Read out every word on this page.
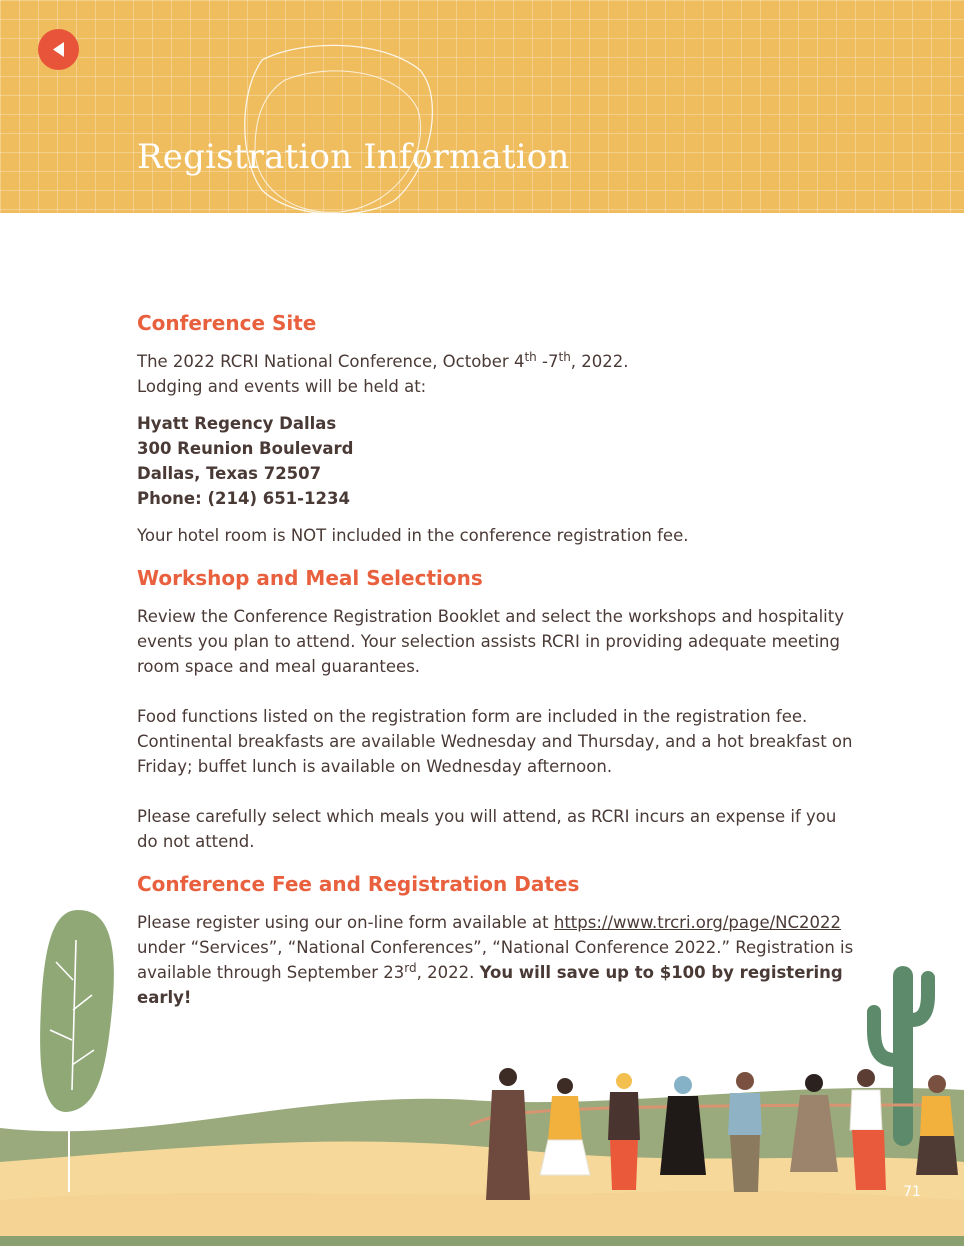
Registration Information
Conference Site

The 2022 RCRI National Conference, October 4th -7th, 2022.

Lodging and events will be held at:

Hyatt Regency Dallas

300 Reunion Boulevard

Dallas, Texas 72507

Phone: (214) 651-1234

Your hotel room is NOT included in the conference registration fee.

Workshop and Meal Selections

Review the Conference Registration Booklet and select the workshops and hospitality events you plan to attend. Your selection assists RCRI in providing adequate meeting room space and meal guarantees.

Food functions listed on the registration form are included in the registration fee. Continental breakfasts are available Wednesday and Thursday, and a hot breakfast on Friday; buffet lunch is available on Wednesday afternoon.

Please carefully select which meals you will attend, as RCRI incurs an expense if you do not attend.

Conference Fee and Registration Dates

Please register using our on-line form available at https://www.trcri.org/page/NC2022 under “Services”, “National Conferences”, “National Conference 2022.” Registration is available through September 23rd, 2022. You will save up to $100 by registering early!

71
